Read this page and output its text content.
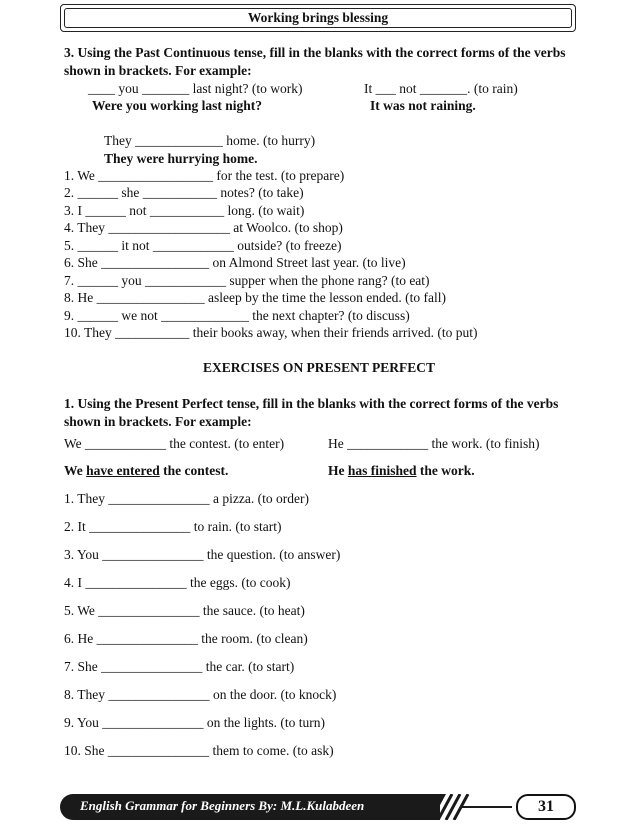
Working brings blessing
3. Using the Past Continuous tense, fill in the blanks with the correct forms of the verbs shown in brackets. For example:
____ you _______ last night? (to work)	It ___ not _______. (to rain)
Were you working last night?	It was not raining.
They _____________ home. (to hurry)
They were hurrying home.
1. We _________________ for the test. (to prepare)
2. ______ she ___________ notes? (to take)
3. I ______ not ___________ long. (to wait)
4. They __________________ at Woolco. (to shop)
5. ______ it not ____________ outside? (to freeze)
6. She ________________ on Almond Street last year. (to live)
7. ______ you ____________ supper when the phone rang? (to eat)
8. He ________________ asleep by the time the lesson ended. (to fall)
9. ______ we not _____________ the next chapter? (to discuss)
10. They ___________ their books away, when their friends arrived. (to put)
EXERCISES ON PRESENT PERFECT
1. Using the Present Perfect tense, fill in the blanks with the correct forms of the verbs shown in brackets. For example:
We ____________ the contest. (to enter)	He ____________ the work. (to finish)
We have entered the contest.	He has finished the work.
1. They _______________ a pizza. (to order)
2. It _______________ to rain. (to start)
3. You _______________ the question. (to answer)
4. I _______________ the eggs. (to cook)
5. We _______________ the sauce. (to heat)
6. He _______________ the room. (to clean)
7. She _______________ the car. (to start)
8. They _______________ on the door. (to knock)
9. You _______________ on the lights. (to turn)
10. She _______________ them to come. (to ask)
English Grammar for Beginners By: M.L.Kulabdeen	31
